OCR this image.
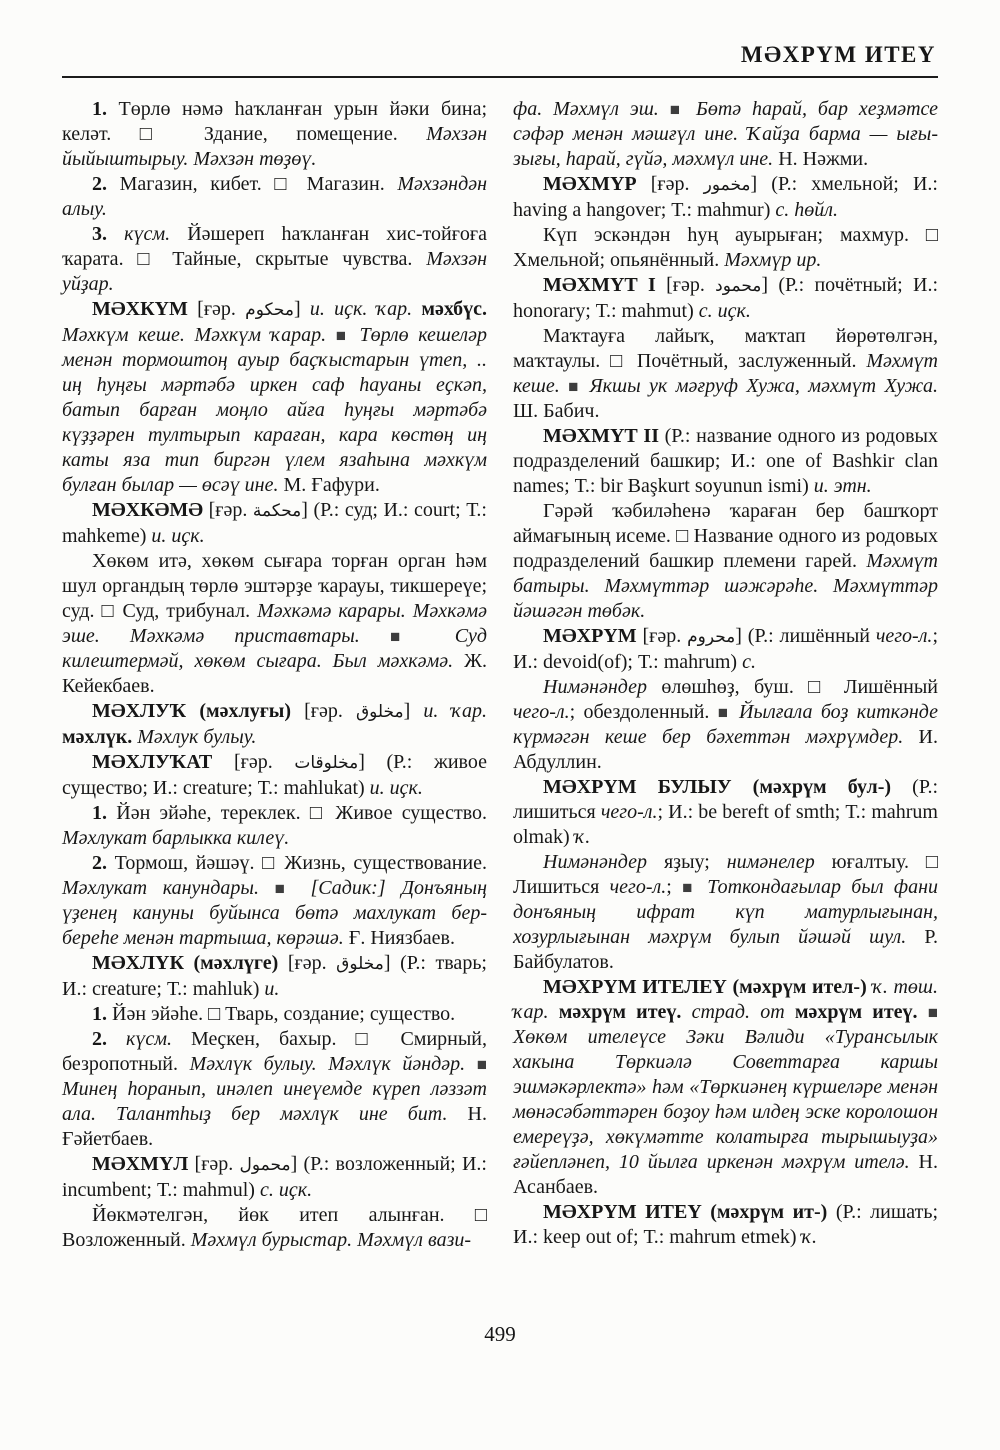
МӘХРҮМ ИТЕҮ

1. Төрлө нәмә һаҡланған урын йәки бина; келәт. □ Здание, помещение. Мәхзән йыйыштырыу. Мәхзән төҙөү.

2. Магазин, кибет. □ Магазин. Мәхзәндән алыу.

3. күсм. Йәшереп һаҡланған хис-тойғоға ҡарата. □ Тайные, скрытые чувства. Мәхзән уйҙар.

МӘХКҮМ [ғәр. محكوم] и. иҫк. ҡар. мәхбүс. Мәхкүм кеше. Мәхкүм ҡарар. ■ Төрлө кешеләр менән тормоштоң ауыр баҫҡыстарын үтеп, .. иң һуңғы мәртәбә иркен саф һауаны еҫкәп, батып барған моңло айға һуңғы мәртәбә күҙҙәрен тултырып караған, кара көстөң иң каты яза тип биргән үлем язаһына мәхкүм булған былар — өсәү ине. М. Ғафури.

МӘХКӘМӘ [ғәр. محكمة] (Р.: суд; И.: court; Т.: mahkeme) и. иҫк.

Хөкөм итә, хөкөм сығара торған орган һәм шул органдың төрлө эштәрҙе ҡарауы, тикшереүе; суд. □ Суд, трибунал. Мәхкәмә карары. Мәхкәмә эше. Мәхкәмә приставтары. ■ Суд килештермәй, хөкөм сығара. Был мәхкәмә. Ж. Кейекбаев.

МӘХЛУҠ (мәхлуғы) [ғәр. مخلوق] и. ҡар. мәхлүк. Мәхлук булыу.

МӘХЛУҠАТ [ғәр. مخلوقات] (Р.: живое существо; И.: creature; Т.: mahlukat) и. иҫк.

1. Йән эйәһе, тереклек. □ Живое существо. Мәхлукат барлыкка килеү.

2. Тормош, йәшәү. □ Жизнь, существование. Мәхлукат канундары. ■ [Садик:] Донъяның үҙенең кануны буйынса бөтә махлукат бер-береһе менән тартыша, көрәшә. Ғ. Ниязбаев.

МӘХЛҮК (мәхлүге) [ғәр. مخلوق] (Р.: тварь; И.: creature; Т.: mahluk) и.

1. Йән эйәһе. □ Тварь, создание; существо.

2. күсм. Меҫкен, бахыр. □ Смирный, безропотный. Мәхлүк булыу. Мәхлүк йәндәр. ■ Минең һоранып, инәлеп инеүемде күреп ләззәт ала. Талантһыҙ бер мәхлүк ине бит. Н. Ғәйетбаев.

МӘХМҮЛ [ғәр. محمول] (Р.: возложенный; И.: incumbent; Т.: mahmul) с. иҫк.

Йөкмәтелгән, йөк итеп алынған. □ Возложенный. Мәхмүл бурыстар. Мәхмүл вази-

фа. Мәхмүл эш. ■ Бөтә һарай, бар хеҙмәтсе сәфәр менән мәшғүл ине. Ҡайҙа барма — ығы-зығы, һарай, гүйә, мәхмүл ине. Н. Нәжми.

МӘХМҮР [ғәр. مخمور] (Р.: хмельной; И.: having a hangover; Т.: mahmur) с. һөйл.

Күп эскәндән һуң ауырыған; махмур. □ Хмельной; опьянённый. Мәхмүр ир.

МӘХМҮТ I [ғәр. محمود] (Р.: почётный; И.: honorary; Т.: mahmut) с. иҫк.

Маҡтауға лайыҡ, маҡтап йөрөтөлгән, маҡтаулы. □ Почётный, заслуженный. Мәхмүт кеше. ■ Якшы ук мәғруф Хужа, мәхмүт Хужа. Ш. Бабич.

МӘХМҮТ II (Р.: название одного из родовых подразделений башкир; И.: one of Bashkir clan names; Т.: bir Başkurt soyunun ismi) и. этн.

Гәрәй ҡәбиләһенә ҡараған бер башҡорт аймағының исеме. □ Название одного из родовых подразделений башкир племени гарей. Мәхмүт батыры. Мәхмүттәр шәжәрәһе. Мәхмүттәр йәшәгән төбәк.

МӘХРҮМ [ғәр. محروم] (Р.: лишённый чего-л.; И.: devoid(of); Т.: mahrum) с.

Нимәнәндер өлөшһөҙ, буш. □ Лишённый чего-л.; обездоленный. ■ Йылғала боҙ киткәнде күрмәгән кеше бер бәхеттән мәхрүмдер. И. Абдуллин.

МӘХРҮМ БУЛЫУ (мәхрүм бул-) (Р.: лишиться чего-л.; И.: be bereft of smth; Т.: mahrum olmak) ҡ.

Нимәнәндер яҙыу; нимәнелер юғалтыу. □ Лишиться чего-л.; ■ Тоткондағылар был фани донъяның ифрат күп матурлығынан, хозурлығынан мәхрүм булып йәшәй шул. Р. Байбулатов.

МӘХРҮМ ИТЕЛЕҮ (мәхрүм ител-) ҡ. төш. ҡар. мәхрүм итеү. страд. от мәхрүм итеү. ■ Хөкөм ителеүсе Зәки Вәлиди «Турансылык хакына Төркиәлә Советтарға каршы эшмәкәрлектә» һәм «Төркиәнең күршеләре менән мөнәсәбәттәрен боҙоу һәм илдең эске королошон емереүҙә, хөкүмәтте колатырға тырышыуҙа» ғәйепләнеп, 10 йылға иркенән мәхрүм ителә. Н. Асанбаев.

МӘХРҮМ ИТЕҮ (мәхрүм ит-) (Р.: лишать; И.: keep out of; Т.: mahrum etmek) ҡ.

499
